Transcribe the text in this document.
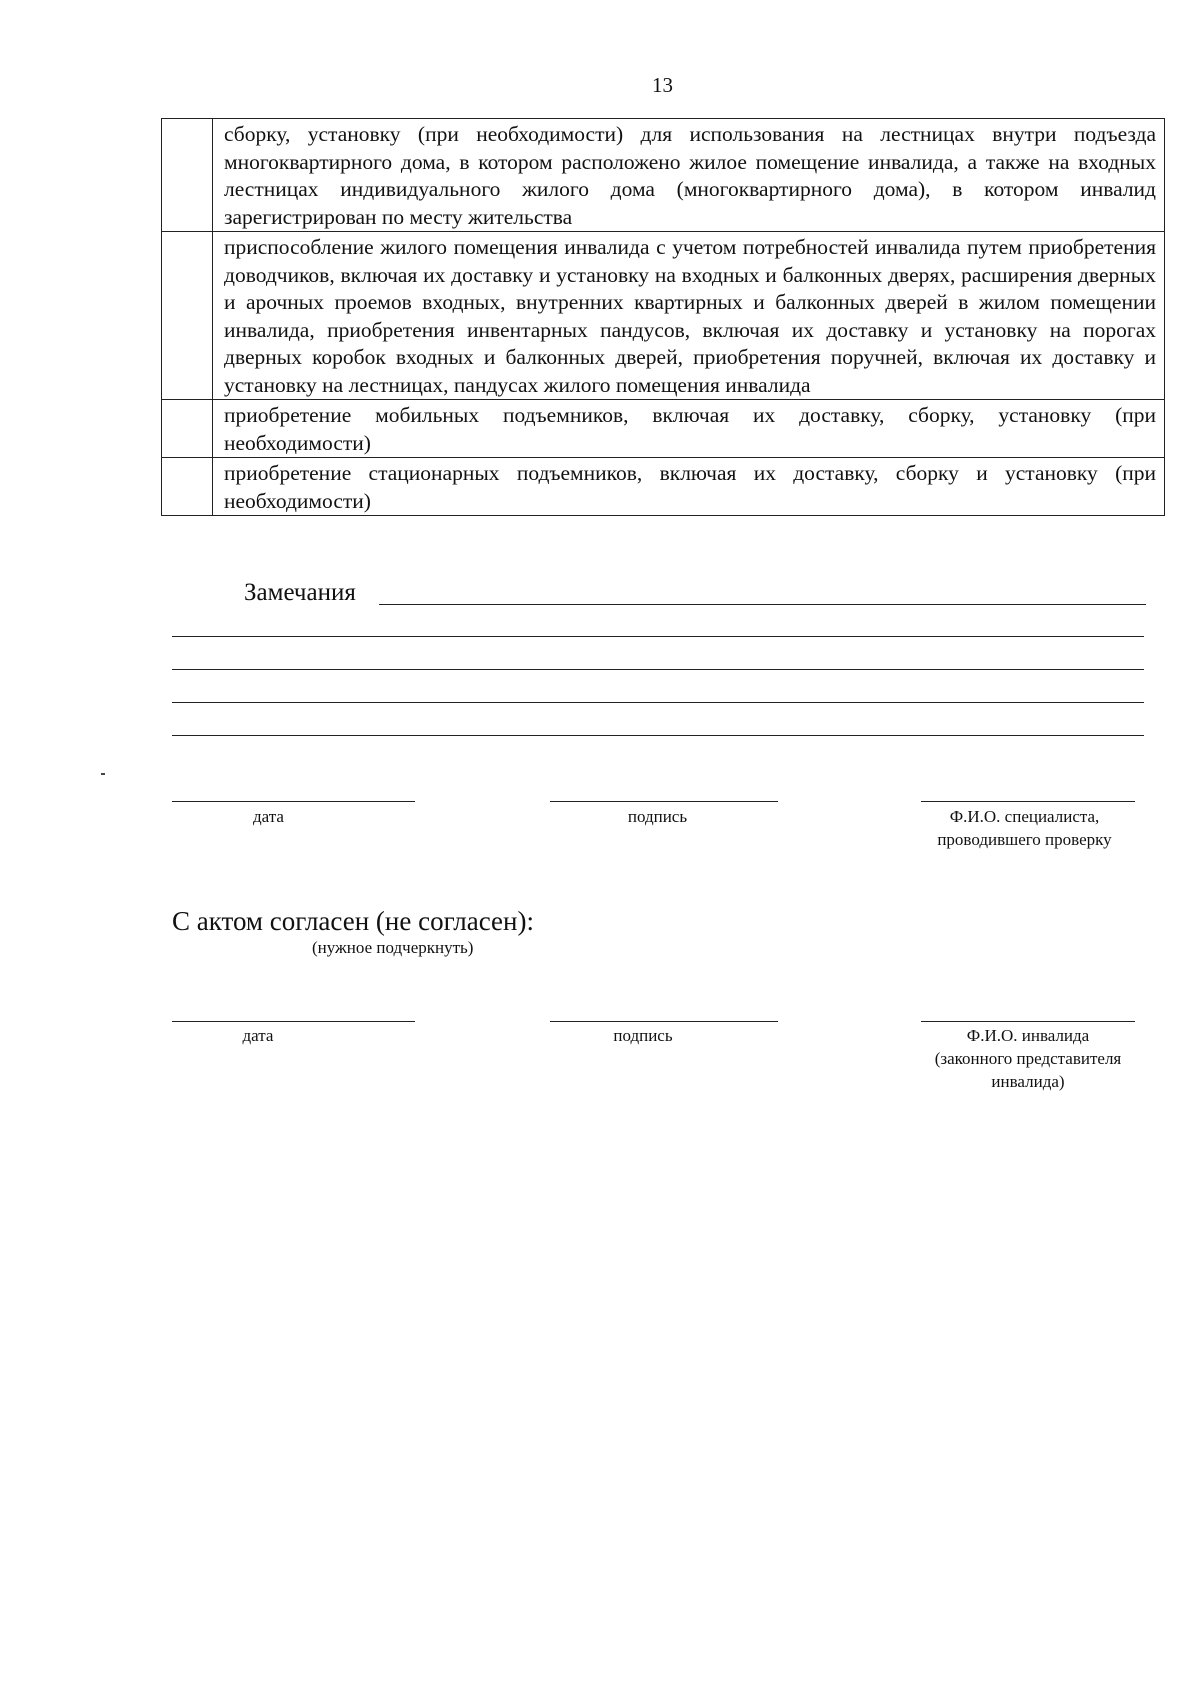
13
	сборку, установку (при необходимости) для использования на лестницах внутри подъезда многоквартирного дома, в котором расположено жилое помещение инвалида, а также на входных лестницах индивидуального жилого дома (многоквартирного дома), в котором инвалид зарегистрирован по месту жительства
	приспособление жилого помещения инвалида с учетом потребностей инвалида путем приобретения доводчиков, включая их доставку и установку на входных и балконных дверях, расширения дверных и арочных проемов входных, внутренних квартирных и балконных дверей в жилом помещении инвалида, приобретения инвентарных пандусов, включая их доставку и установку на порогах дверных коробок входных и балконных дверей, приобретения поручней, включая их доставку и установку на лестницах, пандусах жилого помещения инвалида
	приобретение мобильных подъемников, включая их доставку, сборку, установку (при необходимости)
	приобретение стационарных подъемников, включая их доставку, сборку и установку (при необходимости)
Замечания
дата	подпись	Ф.И.О. специалиста,
проводившего проверку
С актом согласен (не согласен):
(нужное подчеркнуть)
дата	подпись	Ф.И.О. инвалида
(законного представителя
инвалида)
